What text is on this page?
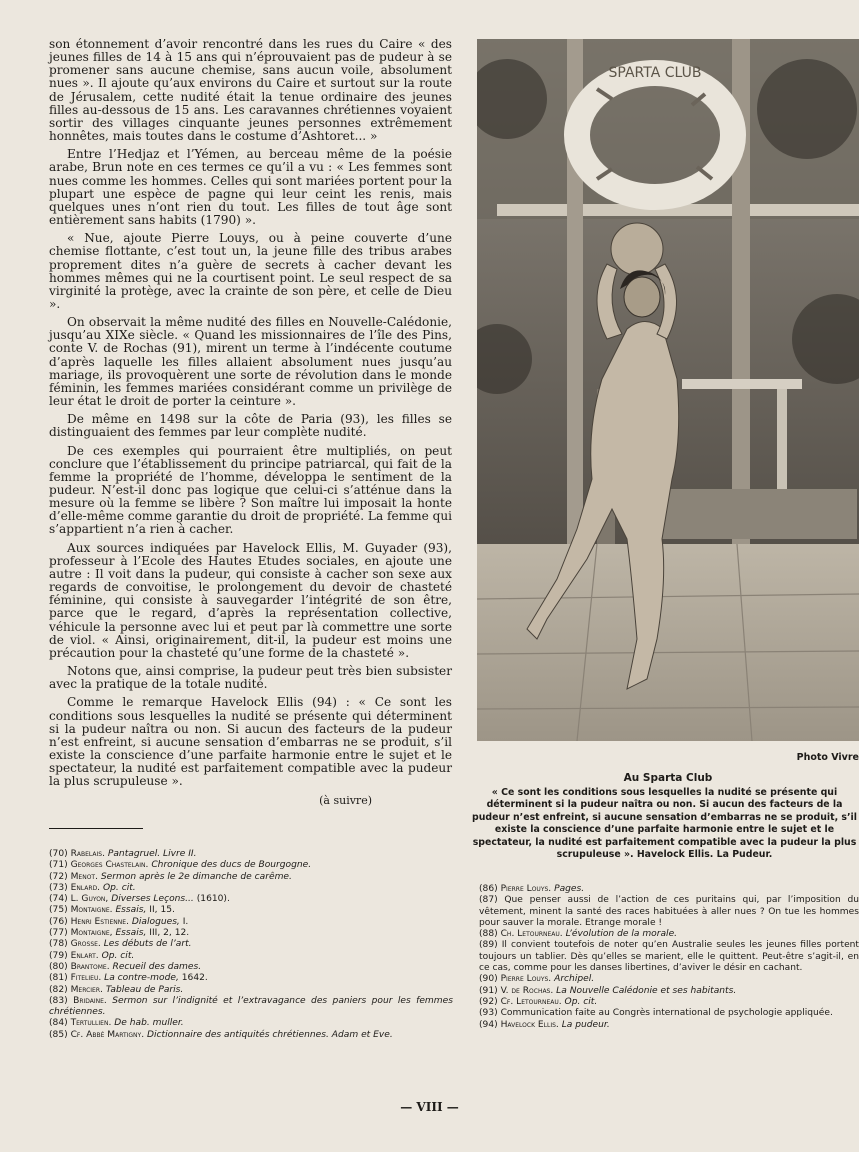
son étonnement d’avoir rencontré dans les rues du Caire « des jeunes filles de 14 à 15 ans qui n’éprouvaient pas de pudeur à se promener sans aucune chemise, sans aucun voile, absolument nues ». Il ajoute qu’aux environs du Caire et surtout sur la route de Jérusalem, cette nudité était la tenue ordinaire des jeunes filles au-dessous de 15 ans. Les caravannes chrétiennes voyaient sortir des villages cinquante jeunes personnes extrêmement honnêtes, mais toutes dans le costume d’Ashtoret... »

Entre l’Hedjaz et l’Yémen, au berceau même de la poésie arabe, Brun note en ces termes ce qu’il a vu : « Les femmes sont nues comme les hommes. Celles qui sont mariées portent pour la plupart une espèce de pagne qui leur ceint les renis, mais quelques unes n’ont rien du tout. Les filles de tout âge sont entièrement sans habits (1790) ».

« Nue, ajoute Pierre Louys, ou à peine couverte d’une chemise flottante, c’est tout un, la jeune fille des tribus arabes proprement dites n’a guère de secrets à cacher devant les hommes mêmes qui ne la courtisent point. Le seul respect de sa virginité la protège, avec la crainte de son père, et celle de Dieu ».

On observait la même nudité des filles en Nouvelle-Calédonie, jusqu’au XIXe siècle. « Quand les missionnaires de l’île des Pins, conte V. de Rochas (91), mirent un terme à l’indécente coutume d’après laquelle les filles allaient absolument nues jusqu’au mariage, ils provoquèrent une sorte de révolution dans le monde féminin, les femmes mariées considérant comme un privilège de leur état le droit de porter la ceinture ».

De même en 1498 sur la côte de Paria (93), les filles se distinguaient des femmes par leur complète nudité.

De ces exemples qui pourraient être multipliés, on peut conclure que l’établissement du principe patriarcal, qui fait de la femme la propriété de l’homme, développa le sentiment de la pudeur. N’est-il donc pas logique que celui-ci s’atténue dans la mesure où la femme se libère ? Son maître lui imposait la honte d’elle-même comme garantie du droit de propriété. La femme qui s’appartient n’a rien à cacher.

Aux sources indiquées par Havelock Ellis, M. Guyader (93), professeur à l’Ecole des Hautes Etudes sociales, en ajoute une autre : Il voit dans la pudeur, qui consiste à cacher son sexe aux regards de convoitise, le prolongement du devoir de chasteté féminine, qui consiste à sauvegarder l’intégrité de son être, parce que le regard, d’après la représentation collective, véhicule la personne avec lui et peut par là commettre une sorte de viol. « Ainsi, originairement, dit-il, la pudeur est moins une précaution pour la chasteté qu’une forme de la chasteté ».

Notons que, ainsi comprise, la pudeur peut très bien subsister avec la pratique de la totale nudité.

Comme le remarque Havelock Ellis (94) : « Ce sont les conditions sous lesquelles la nudité se présente qui déterminent si la pudeur naîtra ou non. Si aucun des facteurs de la pudeur n’est enfreint, si aucune sensation d’embarras ne se produit, s’il existe la conscience d’une parfaite harmonie entre le sujet et le spectateur, la nudité est parfaitement compatible avec la pudeur la plus scrupuleuse ».

(à suivre)
(70) Rabelais. Pantagruel. Livre II.
(71) Georges Chastelain. Chronique des ducs de Bourgogne.
(72) Menot. Sermon après le 2e dimanche de carême.
(73) Enlard. Op. cit.
(74) L. Guyon, Diverses Leçons... (1610).
(75) Montaigne. Essais, II, 15.
(76) Henri Estienne. Dialogues, I.
(77) Montaigne, Essais, III, 2, 12.
(78) Grosse. Les débuts de l’art.
(79) Enlart. Op. cit.
(80) Brantome. Recueil des dames.
(81) Fitelieu. La contre-mode, 1642.
(82) Mercier. Tableau de Paris.
(83) Bridaine. Sermon sur l’indignité et l’extravagance des paniers pour les femmes chrétiennes.
(84) Tertullien. De hab. muller.
(85) Cf. Abbé Martigny. Dictionnaire des antiquités chrétiennes. Adam et Eve.
(86) Pierre Louys. Pages.
(87) Que penser aussi de l’action de ces puritains qui, par l’imposition du vêtement, minent la santé des races habituées à aller nues ? On tue les hommes pour sauver la morale. Etrange morale !
(88) Ch. Letourneau. L’évolution de la morale.
(89) Il convient toutefois de noter qu’en Australie seules les jeunes filles portent toujours un tablier. Dès qu’elles se marient, elle le quittent. Peut-être s’agit-il, en ce cas, comme pour les danses libertines, d’aviver le désir en cachant.
(90) Pierre Louys. Archipel.
(91) V. de Rochas. La Nouvelle Calédonie et ses habitants.
(92) Cf. Letourneau. Op. cit.
(93) Communication faite au Congrès international de psychologie appliquée.
(94) Havelock Ellis. La pudeur.
SPARTA CLUB
Photo Vivre
Au Sparta Club

« Ce sont les conditions sous lesquelles la nudité se présente qui déterminent si la pudeur naîtra ou non. Si aucun des facteurs de la pudeur n’est enfreint, si aucune sensation d’embarras ne se produit, s’il existe la conscience d’une parfaite harmonie entre le sujet et le spectateur, la nudité est parfaitement compatible avec la pudeur la plus scrupuleuse ». Havelock Ellis. La Pudeur.

— VIII —
